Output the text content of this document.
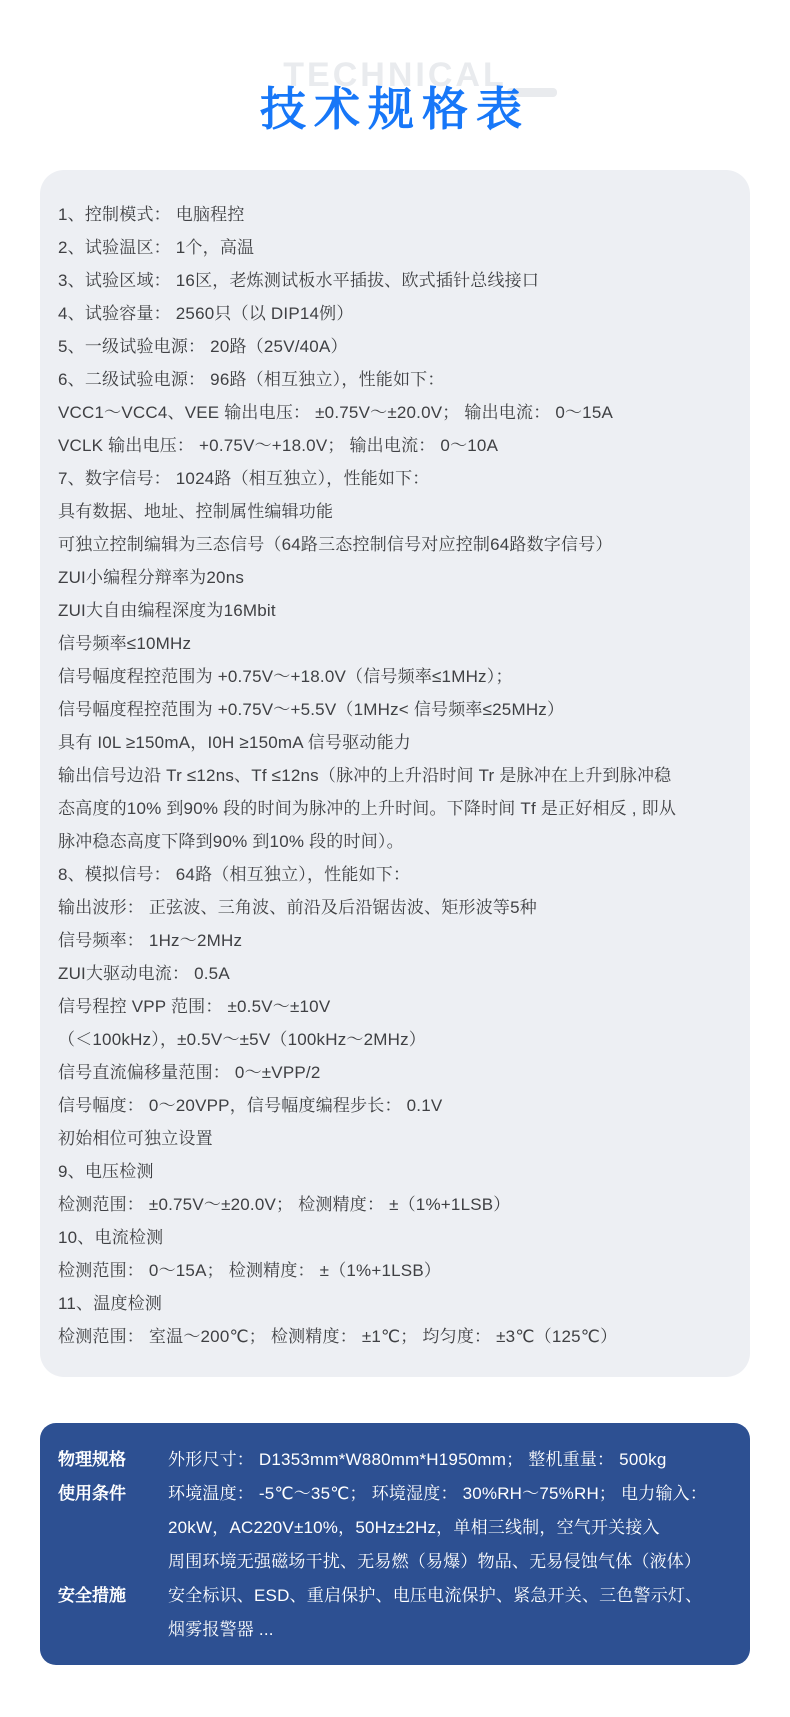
TECHNICAL
技术规格表
1、控制模式： 电脑程控
2、试验温区： 1个，高温
3、试验区域： 16区，老炼测试板水平插拔、欧式插针总线接口
4、试验容量： 2560只（以 DIP14例）
5、一级试验电源： 20路（25V/40A）
6、二级试验电源： 96路（相互独立），性能如下：
VCC1～VCC4、VEE 输出电压： ±0.75V～±20.0V； 输出电流： 0～15A
VCLK 输出电压： +0.75V～+18.0V； 输出电流： 0～10A
7、数字信号： 1024路（相互独立），性能如下：
具有数据、地址、控制属性编辑功能
可独立控制编辑为三态信号（64路三态控制信号对应控制64路数字信号）
ZUI小编程分辩率为20ns
ZUI大自由编程深度为16Mbit
信号频率≤10MHz
信号幅度程控范围为 +0.75V～+18.0V（信号频率≤1MHz）；
信号幅度程控范围为 +0.75V～+5.5V（1MHz< 信号频率≤25MHz）
具有 I0L ≥150mA，I0H ≥150mA 信号驱动能力
输出信号边沿 Tr ≤12ns、Tf ≤12ns（脉冲的上升沿时间 Tr 是脉冲在上升到脉冲稳
态高度的10% 到90% 段的时间为脉冲的上升时间。下降时间 Tf 是正好相反 , 即从
脉冲稳态高度下降到90% 到10% 段的时间）。
8、模拟信号： 64路（相互独立），性能如下：
输出波形： 正弦波、三角波、前沿及后沿锯齿波、矩形波等5种
信号频率： 1Hz～2MHz
ZUI大驱动电流： 0.5A
信号程控 VPP 范围： ±0.5V～±10V
（＜100kHz），±0.5V～±5V（100kHz～2MHz）
信号直流偏移量范围： 0～±VPP/2
信号幅度： 0～20VPP，信号幅度编程步长： 0.1V
初始相位可独立设置
9、电压检测
检测范围： ±0.75V～±20.0V； 检测精度： ±（1%+1LSB）
10、电流检测
检测范围： 0～15A； 检测精度： ±（1%+1LSB）
11、温度检测
检测范围： 室温～200℃； 检测精度： ±1℃； 均匀度： ±3℃（125℃）
物理规格	外形尺寸： D1353mm*W880mm*H1950mm； 整机重量： 500kg
使用条件	环境温度： -5℃～35℃； 环境湿度： 30%RH～75%RH； 电力输入：
20kW，AC220V±10%，50Hz±2Hz，单相三线制，空气开关接入
周围环境无强磁场干扰、无易燃（易爆）物品、无易侵蚀气体（液体）
安全措施	安全标识、ESD、重启保护、电压电流保护、紧急开关、三色警示灯、
烟雾报警器 ...
